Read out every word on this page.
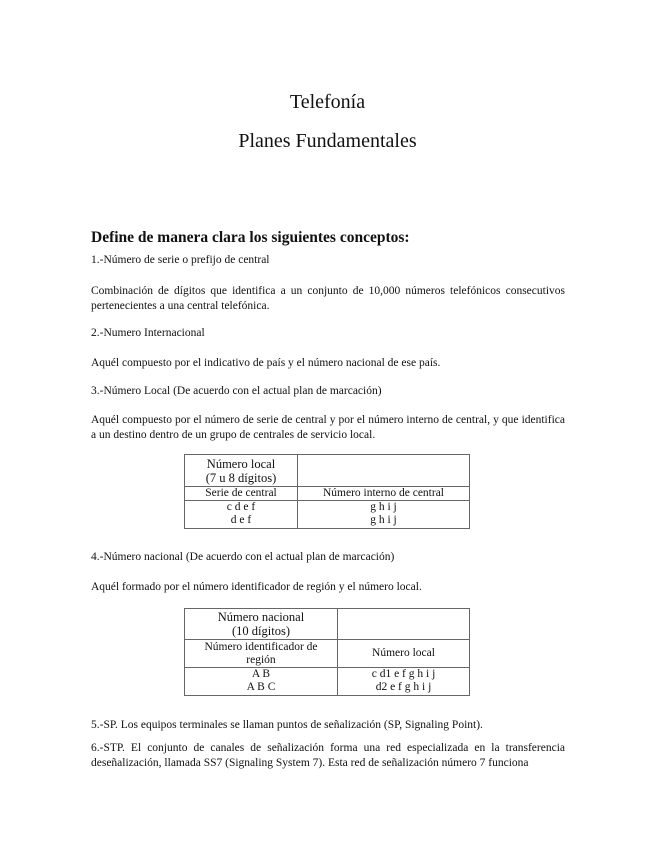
Telefonía
Planes Fundamentales
Define de manera clara los siguientes conceptos:
1.-Número de serie o prefijo de central
Combinación de dígitos que identifica a un conjunto de 10,000 números telefónicos consecutivos pertenecientes a una central telefónica.
2.-Numero Internacional
Aquél compuesto por el indicativo de país y el número nacional de ese país.
3.-Número Local (De acuerdo con el actual plan de marcación)
Aquél compuesto por el número de serie de central y por el número interno de central, y que identifica a un destino dentro de un grupo de centrales de servicio local.
Número local
(7 u 8 dígitos)	

Serie de central	Número interno de central
c d e f	g h i j
d e f	g h i j
4.-Número nacional (De acuerdo con el actual plan de marcación)
Aquél formado por el número identificador de región y el número local.
Número nacional
(10 dígitos)	

Número identificador de región	Número local
A B	c d1 e f g h i j
A B C	d2 e f g h i j
5.-SP. Los equipos terminales se llaman puntos de señalización (SP, Signaling Point).
6.-STP. El conjunto de canales de señalización forma una red especializada en la transferencia deseñalización, llamada SS7 (Signaling System 7). Esta red de señalización número 7 funciona
